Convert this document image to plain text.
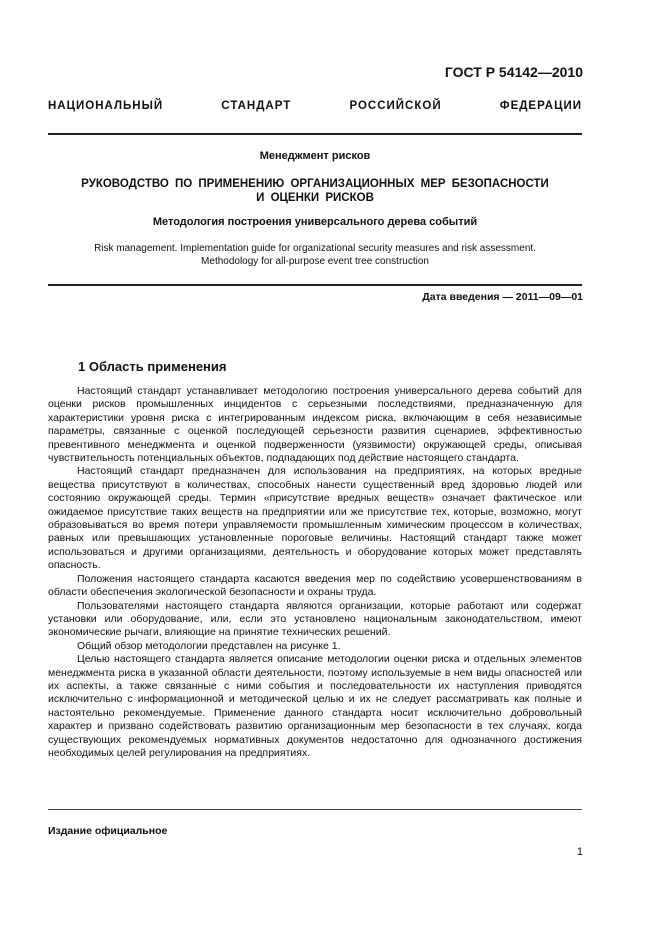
ГОСТ Р 54142—2010
НАЦИОНАЛЬНЫЙ СТАНДАРТ РОССИЙСКОЙ ФЕДЕРАЦИИ
Менеджмент рисков
РУКОВОДСТВО ПО ПРИМЕНЕНИЮ ОРГАНИЗАЦИОННЫХ МЕР БЕЗОПАСНОСТИ
И ОЦЕНКИ РИСКОВ
Методология построения универсального дерева событий
Risk management. Implementation guide for organizational security measures and risk assessment.
Methodology for all-purpose event tree construction
Дата введения — 2011—09—01
1 Область применения

Настоящий стандарт устанавливает методологию построения универсального дерева событий для оценки рисков промышленных инцидентов с серьезными последствиями, предназначенную для характеристики уровня риска с интегрированным индексом риска, включающим в себя независимые параметры, связанные с оценкой последующей серьезности развития сценариев, эффективностью превентивного менеджмента и оценкой подверженности (уязвимости) окружающей среды, описывая чувствительность потенциальных объектов, подпадающих под действие настоящего стандарта.

Настоящий стандарт предназначен для использования на предприятиях, на которых вредные вещества присутствуют в количествах, способных нанести существенный вред здоровью людей или состоянию окружающей среды. Термин «присутствие вредных веществ» означает фактическое или ожидаемое присутствие таких веществ на предприятии или же присутствие тех, которые, возможно, могут образовываться во время потери управляемости промышленным химическим процессом в количествах, равных или превышающих установленные пороговые величины. Настоящий стандарт также может использоваться и другими организациями, деятельность и оборудование которых может представлять опасность.

Положения настоящего стандарта касаются введения мер по содействию усовершенствованиям в области обеспечения экологической безопасности и охраны труда.

Пользователями настоящего стандарта являются организации, которые работают или содержат установки или оборудование, или, если это установлено национальным законодательством, имеют экономические рычаги, влияющие на принятие технических решений.

Общий обзор методологии представлен на рисунке 1.

Целью настоящего стандарта является описание методологии оценки риска и отдельных элементов менеджмента риска в указанной области деятельности, поэтому используемые в нем виды опасностей или их аспекты, а также связанные с ними события и последовательности их наступления приводятся исключительно с информационной и методической целью и их не следует рассматривать как полные и настоятельно рекомендуемые. Применение данного стандарта носит исключительно добровольный характер и призвано содействовать развитию организационным мер безопасности в тех случаях, когда существующих рекомендуемых нормативных документов недостаточно для однозначного достижения необходимых целей регулирования на предприятиях.

Издание официальное
1
